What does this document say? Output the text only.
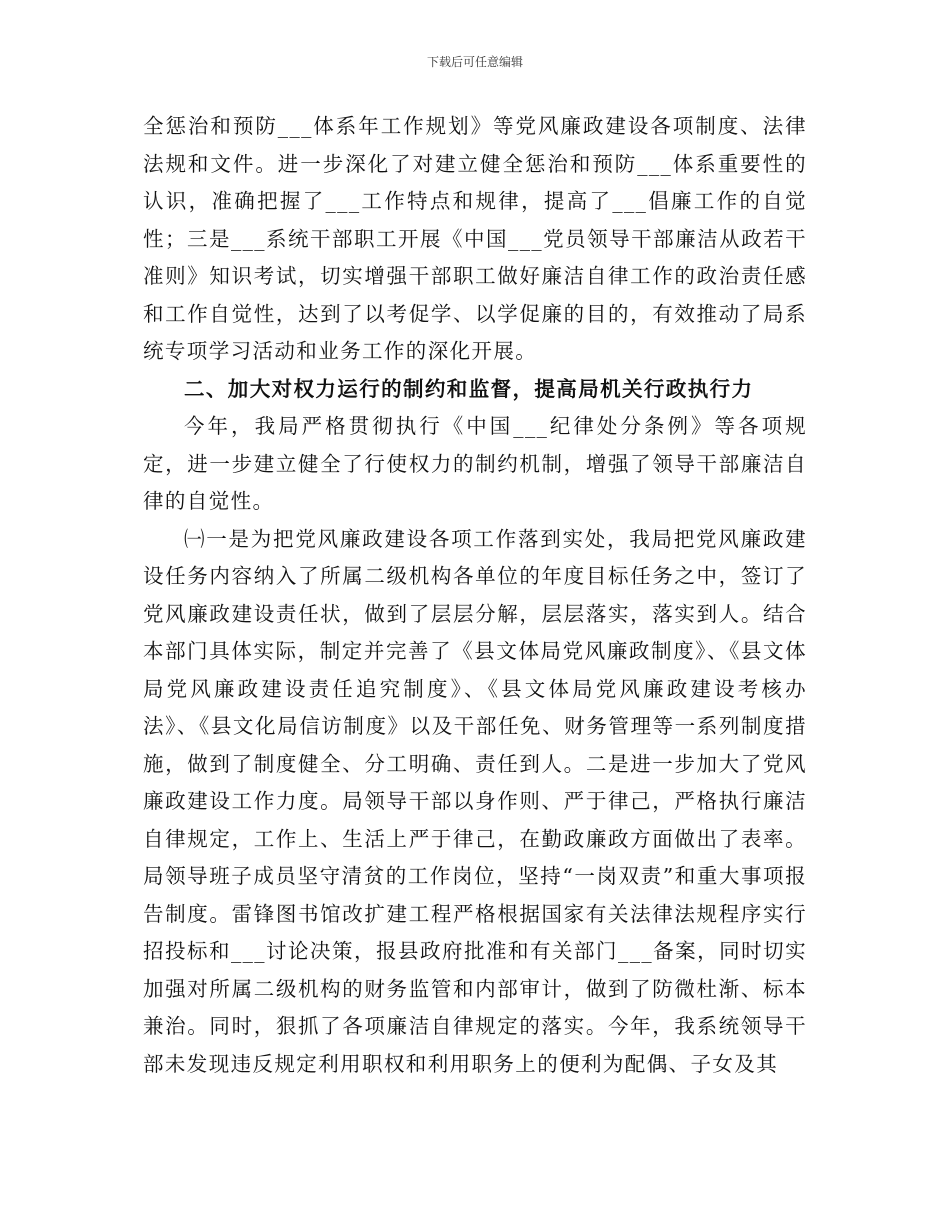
下载后可任意编辑

全惩治和预防___体系年工作规划》等党风廉政建设各项制度、法律法规和文件。进一步深化了对建立健全惩治和预防___体系重要性的认识，准确把握了___工作特点和规律，提高了___倡廉工作的自觉性；三是___系统干部职工开展《中国___党员领导干部廉洁从政若干准则》知识考试，切实增强干部职工做好廉洁自律工作的政治责任感和工作自觉性，达到了以考促学、以学促廉的目的，有效推动了局系统专项学习活动和业务工作的深化开展。

二、加大对权力运行的制约和监督，提高局机关行政执行力

今年，我局严格贯彻执行《中国___纪律处分条例》等各项规定，进一步建立健全了行使权力的制约机制，增强了领导干部廉洁自律的自觉性。

㈠一是为把党风廉政建设各项工作落到实处，我局把党风廉政建设任务内容纳入了所属二级机构各单位的年度目标任务之中，签订了党风廉政建设责任状，做到了层层分解，层层落实，落实到人。结合本部门具体实际，制定并完善了《县文体局党风廉政制度》、《县文体局党风廉政建设责任追究制度》、《县文体局党风廉政建设考核办法》、《县文化局信访制度》以及干部任免、财务管理等一系列制度措施，做到了制度健全、分工明确、责任到人。二是进一步加大了党风廉政建设工作力度。局领导干部以身作则、严于律己，严格执行廉洁自律规定，工作上、生活上严于律己，在勤政廉政方面做出了表率。局领导班子成员坚守清贫的工作岗位，坚持“一岗双责”和重大事项报告制度。雷锋图书馆改扩建工程严格根据国家有关法律法规程序实行招投标和___讨论决策，报县政府批准和有关部门___备案，同时切实加强对所属二级机构的财务监管和内部审计，做到了防微杜渐、标本兼治。同时，狠抓了各项廉洁自律规定的落实。今年，我系统领导干部未发现违反规定利用职权和利用职务上的便利为配偶、子女及其
